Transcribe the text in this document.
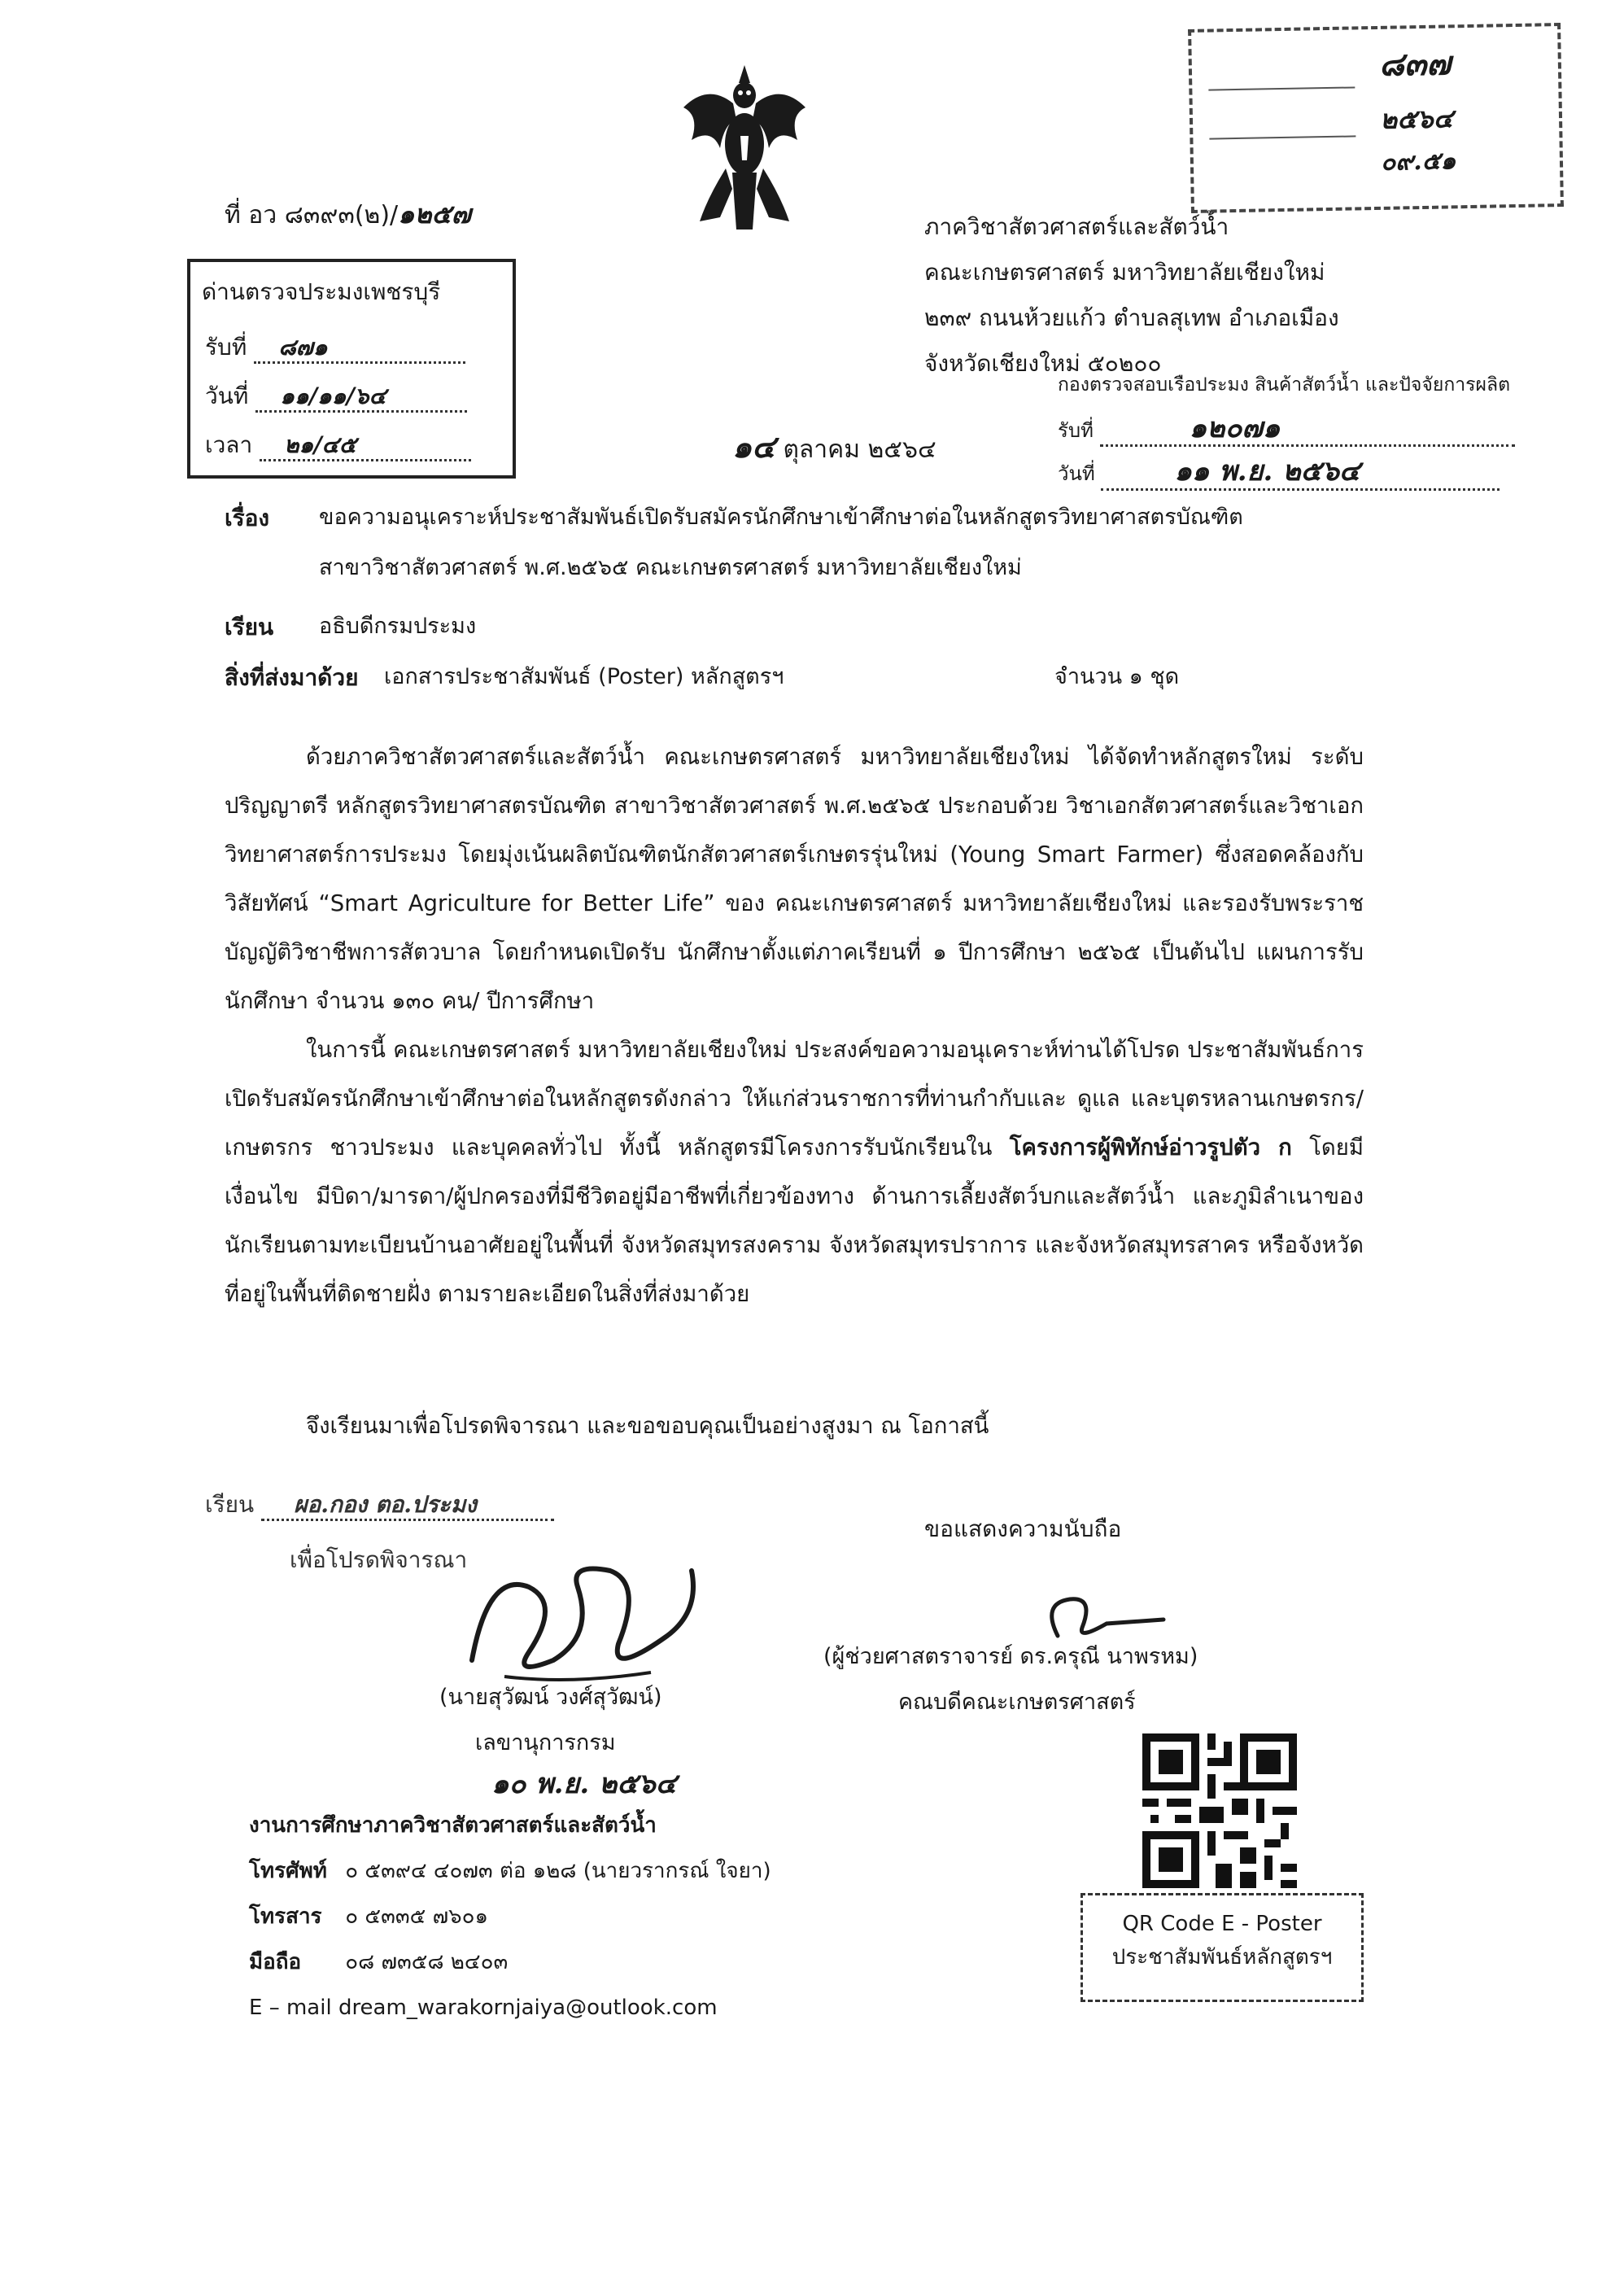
ที่ อว ๘๓๙๓(๒)/๑๒๕๗	ภาควิชาสัตวศาสตร์และสัตว์น้ำ
คณะเกษตรศาสตร์ มหาวิทยาลัยเชียงใหม่
๒๓๙ ถนนห้วยแก้ว ตำบลสุเทพ อำเภอเมือง
จังหวัดเชียงใหม่ ๕๐๒๐๐
ด่านตรวจประมงเพชรบุรี
รับที่ ๘๗๑
วันที่ ๑๑/๑๑/๖๔
เวลา ๒๑/๔๕
๘๓๗
๒๕๖๔
๐๙.๕๑
๑๔ ตุลาคม ๒๕๖๔
กองตรวจสอบเรือประมง สินค้าสัตว์น้ำ และปัจจัยการผลิต
รับที่	๑๒๐๗๑
วันที่	๑๑ พ.ย. ๒๕๖๔
เรื่อง ขอความอนุเคราะห์ประชาสัมพันธ์เปิดรับสมัครนักศึกษาเข้าศึกษาต่อในหลักสูตรวิทยาศาสตรบัณฑิต
สาขาวิชาสัตวศาสตร์ พ.ศ.๒๕๖๕ คณะเกษตรศาสตร์ มหาวิทยาลัยเชียงใหม่
เรียน อธิบดีกรมประมง
สิ่งที่ส่งมาด้วย เอกสารประชาสัมพันธ์ (Poster) หลักสูตรฯ	จำนวน ๑ ชุด
ด้วยภาควิชาสัตวศาสตร์และสัตว์น้ำ คณะเกษตรศาสตร์ มหาวิทยาลัยเชียงใหม่ ได้จัดทำหลักสูตรใหม่ ระดับปริญญาตรี หลักสูตรวิทยาศาสตรบัณฑิต สาขาวิชาสัตวศาสตร์ พ.ศ.๒๕๖๕ ประกอบด้วย วิชาเอกสัตวศาสตร์และวิชาเอกวิทยาศาสตร์การประมง โดยมุ่งเน้นผลิตบัณฑิตนักสัตวศาสตร์เกษตรรุ่นใหม่ (Young Smart Farmer) ซึ่งสอดคล้องกับวิสัยทัศน์ “Smart Agriculture for Better Life” ของ คณะเกษตรศาสตร์ มหาวิทยาลัยเชียงใหม่ และรองรับพระราชบัญญัติวิชาชีพการสัตวบาล โดยกำหนดเปิดรับ นักศึกษาตั้งแต่ภาคเรียนที่ ๑ ปีการศึกษา ๒๕๖๕ เป็นต้นไป แผนการรับนักศึกษา จำนวน ๑๓๐ คน/ ปีการศึกษา
ในการนี้ คณะเกษตรศาสตร์ มหาวิทยาลัยเชียงใหม่ ประสงค์ขอความอนุเคราะห์ท่านได้โปรด ประชาสัมพันธ์การเปิดรับสมัครนักศึกษาเข้าศึกษาต่อในหลักสูตรดังกล่าว ให้แก่ส่วนราชการที่ท่านกำกับและ ดูแล และบุตรหลานเกษตรกร/เกษตรกร ชาวประมง และบุคคลทั่วไป ทั้งนี้ หลักสูตรมีโครงการรับนักเรียนใน โครงการผู้พิทักษ์อ่าวรูปตัว ก โดยมีเงื่อนไข มีบิดา/มารดา/ผู้ปกครองที่มีชีวิตอยู่มีอาชีพที่เกี่ยวข้องทาง ด้านการเลี้ยงสัตว์บกและสัตว์น้ำ และภูมิลำเนาของนักเรียนตามทะเบียนบ้านอาศัยอยู่ในพื้นที่ จังหวัดสมุทรสงคราม จังหวัดสมุทรปราการ และจังหวัดสมุทรสาคร หรือจังหวัดที่อยู่ในพื้นที่ติดชายฝั่ง ตามรายละเอียดในสิ่งที่ส่งมาด้วย
จึงเรียนมาเพื่อโปรดพิจารณา และขอขอบคุณเป็นอย่างสูงมา ณ โอกาสนี้
เรียน ผอ.กอง ตอ.ประมง
เพื่อโปรดพิจารณา
(นายสุวัฒน์ วงศ์สุวัฒน์)
เลขานุการกรม
๑๐ พ.ย. ๒๕๖๔
ขอแสดงความนับถือ
(ผู้ช่วยศาสตราจารย์ ดร.ครุณี นาพรหม)
คณบดีคณะเกษตรศาสตร์
QR Code E - Poster
ประชาสัมพันธ์หลักสูตรฯ
งานการศึกษาภาควิชาสัตวศาสตร์และสัตว์น้ำ
โทรศัพท์ ๐ ๕๓๙๔ ๔๐๗๓ ต่อ ๑๒๘ (นายวรากรณ์ ใจยา)
โทรสาร ๐ ๕๓๓๕ ๗๖๐๑
มือถือ ๐๘ ๗๓๕๘ ๒๔๐๓
E – mail dream_warakornjaiya@outlook.com
